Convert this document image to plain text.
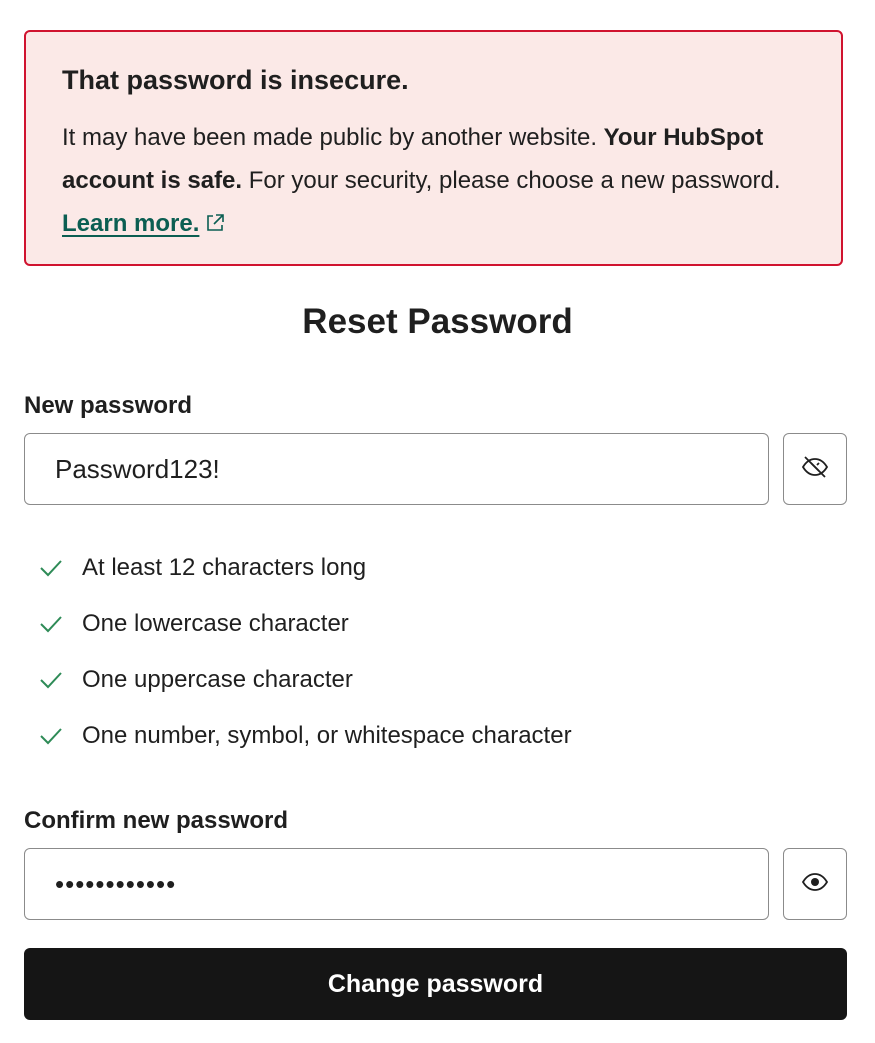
That password is insecure.

It may have been made public by another website. Your HubSpot account is safe. For your security, please choose a new password. Learn more.

Reset Password

New password

Password123!
At least 12 characters long
One lowercase character
One uppercase character
One number, symbol, or whitespace character

Confirm new password

••••••••••••
Change password
